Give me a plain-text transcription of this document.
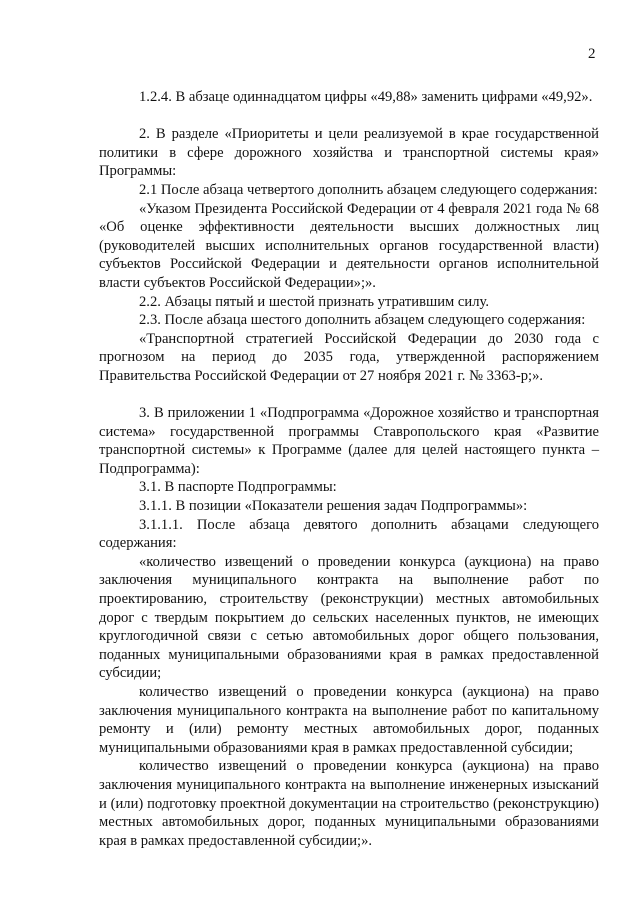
2

1.2.4. В абзаце одиннадцатом цифры «49,88» заменить цифрами «49,92».

2. В разделе «Приоритеты и цели реализуемой в крае государственной политики в сфере дорожного хозяйства и транспортной системы края» Программы:

2.1 После абзаца четвертого дополнить абзацем следующего содержания:

«Указом Президента Российской Федерации от 4 февраля 2021 года № 68 «Об оценке эффективности деятельности высших должностных лиц (руководителей высших исполнительных органов государственной власти) субъектов Российской Федерации и деятельности органов исполнительной власти субъектов Российской Федерации»;».

2.2. Абзацы пятый и шестой признать утратившим силу.

2.3. После абзаца шестого дополнить абзацем следующего содержания:

«Транспортной стратегией Российской Федерации до 2030 года с прогнозом на период до 2035 года, утвержденной распоряжением Правительства Российской Федерации от 27 ноября 2021 г. № 3363-р;».

3. В приложении 1 «Подпрограмма «Дорожное хозяйство и транспортная система» государственной программы Ставропольского края «Развитие транспортной системы» к Программе (далее для целей настоящего пункта – Подпрограмма):

3.1. В паспорте Подпрограммы:

3.1.1. В позиции «Показатели решения задач Подпрограммы»:

3.1.1.1. После абзаца девятого дополнить абзацами следующего содержания:

«количество извещений о проведении конкурса (аукциона) на право заключения муниципального контракта на выполнение работ по проектированию, строительству (реконструкции) местных автомобильных дорог с твердым покрытием до сельских населенных пунктов, не имеющих круглогодичной связи с сетью автомобильных дорог общего пользования, поданных муниципальными образованиями края в рамках предоставленной субсидии;

количество извещений о проведении конкурса (аукциона) на право заключения муниципального контракта на выполнение работ по капитальному ремонту и (или) ремонту местных автомобильных дорог, поданных муниципальными образованиями края в рамках предоставленной субсидии;

количество извещений о проведении конкурса (аукциона) на право заключения муниципального контракта на выполнение инженерных изысканий и (или) подготовку проектной документации на строительство (реконструкцию) местных автомобильных дорог, поданных муниципальными образованиями края в рамках предоставленной субсидии;».
